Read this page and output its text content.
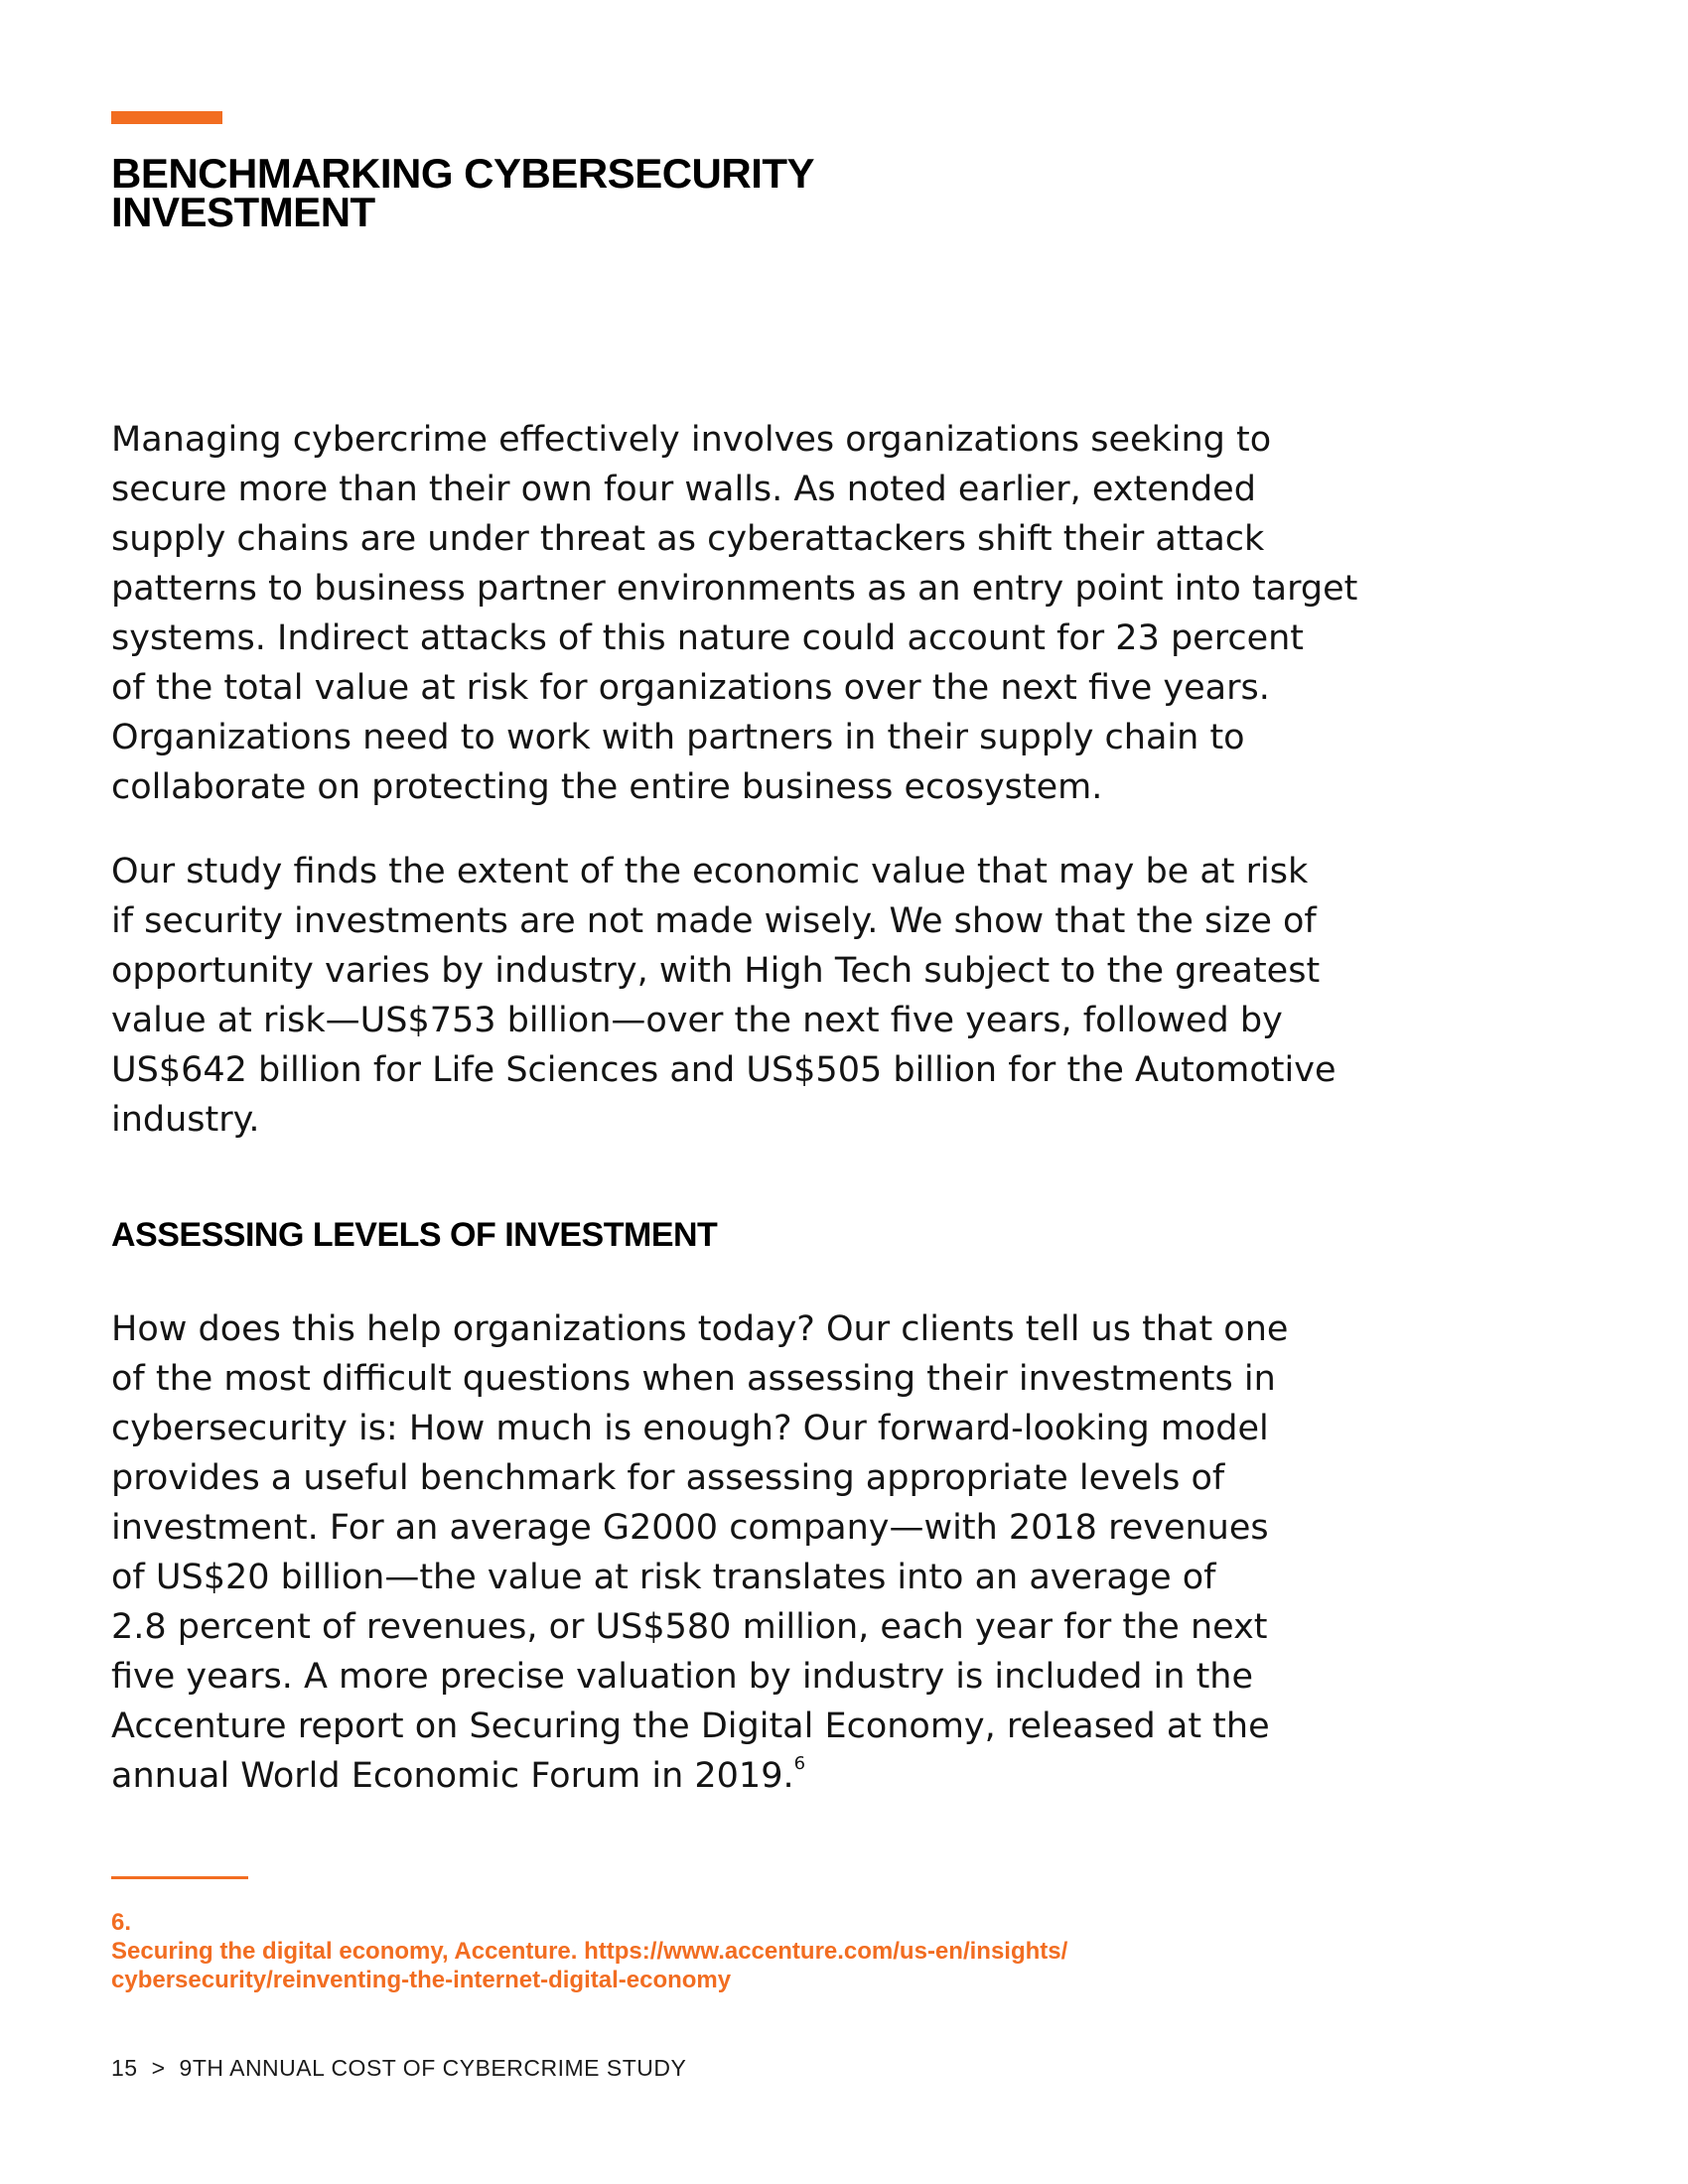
BENCHMARKING CYBERSECURITY
INVESTMENT

Managing cybercrime effectively involves organizations seeking to
secure more than their own four walls. As noted earlier, extended
supply chains are under threat as cyberattackers shift their attack
patterns to business partner environments as an entry point into target
systems. Indirect attacks of this nature could account for 23 percent
of the total value at risk for organizations over the next five years.
Organizations need to work with partners in their supply chain to
collaborate on protecting the entire business ecosystem.

Our study finds the extent of the economic value that may be at risk
if security investments are not made wisely. We show that the size of
opportunity varies by industry, with High Tech subject to the greatest
value at risk—US$753 billion—over the next five years, followed by
US$642 billion for Life Sciences and US$505 billion for the Automotive
industry.

ASSESSING LEVELS OF INVESTMENT

How does this help organizations today? Our clients tell us that one
of the most difficult questions when assessing their investments in
cybersecurity is: How much is enough? Our forward-looking model
provides a useful benchmark for assessing appropriate levels of
investment. For an average G2000 company—with 2018 revenues
of US$20 billion—the value at risk translates into an average of
2.8 percent of revenues, or US$580 million, each year for the next
five years. A more precise valuation by industry is included in the
Accenture report on Securing the Digital Economy, released at the
annual World Economic Forum in 2019.$^6$

6.
Securing the digital economy, Accenture. https://www.accenture.com/us-en/insights/
cybersecurity/reinventing-the-internet-digital-economy
15 > 9TH ANNUAL COST OF CYBERCRIME STUDY
